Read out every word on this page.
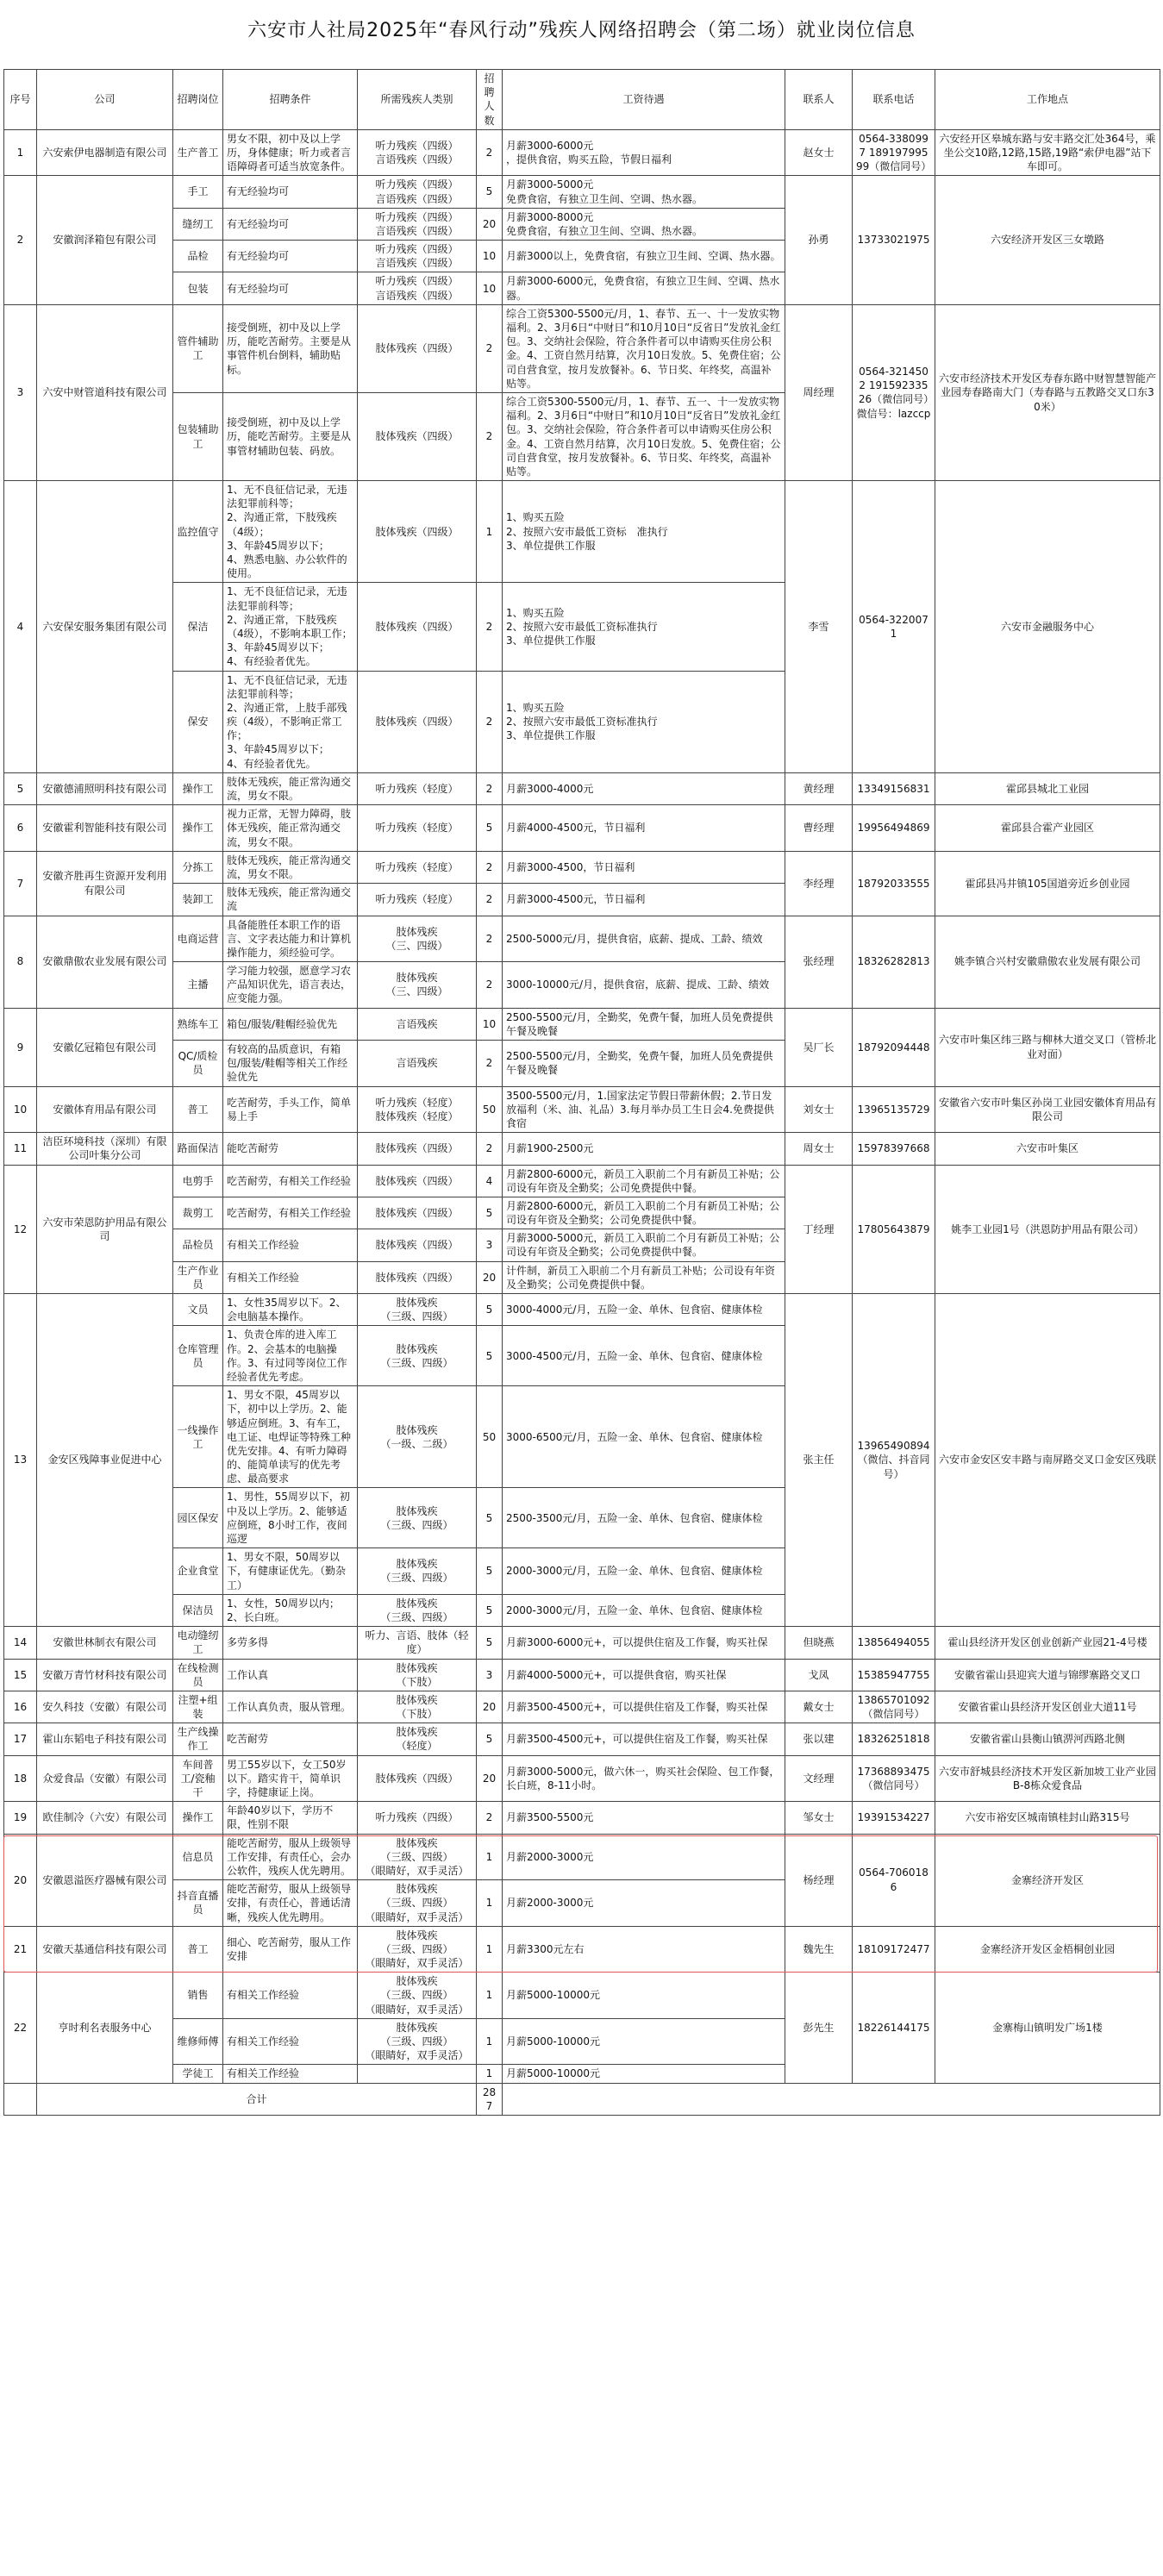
六安市人社局2025年“春风行动”残疾人网络招聘会（第二场）就业岗位信息
序号	公司	招聘岗位	招聘条件	所需残疾人类别	招聘人数	工资待遇	联系人	联系电话	工作地点
1	六安索伊电器制造有限公司	生产普工	男女不限，初中及以上学历，身体健康；听力或者言语障碍者可适当放宽条件。	听力残疾（四级）
言语残疾（四级）	2	月薪3000-6000元
，提供食宿，购买五险，节假日福利	赵女士	0564-3380997 18919799599（微信同号）	六安经开区皋城东路与安丰路交汇处364号，乘坐公交10路,12路,15路,19路“索伊电器”站下车即可。
2	安徽润泽箱包有限公司	手工	有无经验均可	听力残疾（四级）
言语残疾（四级）	5	月薪3000-5000元
免费食宿，有独立卫生间、空调、热水器。	孙勇	13733021975	六安经济开发区三女墩路
		缝纫工	有无经验均可	听力残疾（四级）
言语残疾（四级）	20	月薪3000-8000元
免费食宿，有独立卫生间、空调、热水器。			
		品检	有无经验均可	听力残疾（四级）
言语残疾（四级）	10	月薪3000以上，免费食宿，有独立卫生间、空调、热水器。			
		包装	有无经验均可	听力残疾（四级）
言语残疾（四级）	10	月薪3000-6000元，免费食宿，有独立卫生间、空调、热水器。			
3	六安中财管道科技有限公司	管件辅助工	接受倒班，初中及以上学历，能吃苦耐劳。主要是从事管件机台倒料，辅助贴标。	肢体残疾（四级）	2	综合工资5300-5500元/月，1、春节、五一、十一发放实物福利。2、3月6日“中财日”和10月10日“反省日”发放礼金红包。3、交纳社会保险，符合条件者可以申请购买住房公积金。4、工资自然月结算，次月10日发放。5、免费住宿；公司自营食堂，按月发放餐补。6、节日奖、年终奖，高温补贴等。	周经理	0564-3214502 19159233526（微信同号）微信号：lazccp	六安市经济技术开发区寿春东路中财智慧智能产业园寿春路南大门（寿春路与五教路交叉口东30米）
		包装辅助工	接受倒班，初中及以上学历，能吃苦耐劳。主要是从事管材辅助包装、码放。	肢体残疾（四级）	2	综合工资5300-5500元/月，1、春节、五一、十一发放实物福利。2、3月6日“中财日”和10月10日“反省日”发放礼金红包。3、交纳社会保险，符合条件者可以申请购买住房公积金。4、工资自然月结算，次月10日发放。5、免费住宿；公司自营食堂，按月发放餐补。6、节日奖、年终奖，高温补贴等。			
4	六安保安服务集团有限公司	监控值守	1、无不良征信记录，无违法犯罪前科等；
2、沟通正常，下肢残疾（4级）；
3、年龄45周岁以下；
4、熟悉电脑、办公软件的使用。	肢体残疾（四级）	1	1、购买五险
2、按照六安市最低工资标　准执行
3、单位提供工作服	李雪	0564-3220071	六安市金融服务中心
		保洁	1、无不良征信记录，无违法犯罪前科等；
2、沟通正常，下肢残疾（4级），不影响本职工作；
3、年龄45周岁以下；
4、有经验者优先。	肢体残疾（四级）	2	1、购买五险
2、按照六安市最低工资标准执行
3、单位提供工作服			
		保安	1、无不良征信记录，无违法犯罪前科等；
2、沟通正常，上肢手部残疾（4级），不影响正常工作；
3、年龄45周岁以下；
4、有经验者优先。	肢体残疾（四级）	2	1、购买五险
2、按照六安市最低工资标准执行
3、单位提供工作服			
5	安徽德浦照明科技有限公司	操作工	肢体无残疾，能正常沟通交流，男女不限。	听力残疾（轻度）	2	月薪3000-4000元	黄经理	13349156831	霍邱县城北工业园
6	安徽霍利智能科技有限公司	操作工	视力正常，无智力障碍，肢体无残疾，能正常沟通交流，男女不限。	听力残疾（轻度）	5	月薪4000-4500元，节日福利	曹经理	19956494869	霍邱县合霍产业园区
7	安徽齐胜再生资源开发利用有限公司	分拣工	肢体无残疾，能正常沟通交流，男女不限。	听力残疾（轻度）	2	月薪3000-4500，节日福利	李经理	18792033555	霍邱县冯井镇105国道旁近乡创业园
		装卸工	肢体无残疾，能正常沟通交流	听力残疾（轻度）	2	月薪3000-4500元，节日福利			
8	安徽鼎傲农业发展有限公司	电商运营	具备能胜任本职工作的语言、文字表达能力和计算机操作能力，须经验可学。	肢体残疾
（三、四级）	2	2500-5000元/月，提供食宿，底薪、提成、工龄、绩效	张经理	18326282813	姚李镇合兴村安徽鼎傲农业发展有限公司
		主播	学习能力较强，愿意学习农产品知识优先，语言表达，应变能力强。	肢体残疾
（三、四级）	2	3000-10000元/月，提供食宿，底薪、提成、工龄、绩效			
9	安徽亿冠箱包有限公司	熟练车工	箱包/服装/鞋帽经验优先	言语残疾	10	2500-5500元/月，全勤奖，免费午餐，加班人员免费提供午餐及晚餐	吴厂长	18792094448	六安市叶集区纬三路与柳林大道交叉口（管桥北业对面）
		QC/质检员	有较高的品质意识，有箱包/服装/鞋帽等相关工作经验优先	言语残疾	2	2500-5500元/月，全勤奖，免费午餐，加班人员免费提供午餐及晚餐			
10	安徽体育用品有限公司	普工	吃苦耐劳，手头工作，简单易上手	听力残疾（轻度）
肢体残疾（轻度）	50	3500-5500元/月，1.国家法定节假日带薪休假；2.节日发放福利（米、油、礼品）3.每月举办员工生日会4.免费提供食宿	刘女士	13965135729	安徽省六安市叶集区孙岗工业园安徽体育用品有限公司
11	洁臣环境科技（深圳）有限公司叶集分公司	路面保洁	能吃苦耐劳	肢体残疾（四级）	2	月薪1900-2500元	周女士	15978397668	六安市叶集区
12	六安市荣恩防护用品有限公司	电剪手	吃苦耐劳，有相关工作经验	肢体残疾（四级）	4	月薪2800-6000元，新员工入职前二个月有新员工补贴；公司设有年资及全勤奖；公司免费提供中餐。	丁经理	17805643879	姚李工业园1号（洪恩防护用品有限公司）
		裁剪工	吃苦耐劳，有相关工作经验	肢体残疾（四级）	5	月薪2800-6000元，新员工入职前二个月有新员工补贴；公司设有年资及全勤奖；公司免费提供中餐。			
		品检员	有相关工作经验	肢体残疾（四级）	3	月薪3000-5000元，新员工入职前二个月有新员工补贴；公司设有年资及全勤奖；公司免费提供中餐。			
		生产作业员	有相关工作经验	肢体残疾（四级）	20	计件制，新员工入职前二个月有新员工补贴；公司设有年资及全勤奖；公司免费提供中餐。			
13	金安区残障事业促进中心	文员	1、女性35周岁以下。2、会电脑基本操作。	肢体残疾
（三级、四级）	5	3000-4000元/月，五险一金、单休、包食宿、健康体检	张主任	13965490894（微信、抖音同号）	六安市金安区安丰路与南屏路交叉口金安区残联
		仓库管理员	1、负责仓库的进入库工作。2、会基本的电脑操作。3、有过同等岗位工作经验者优先考虑。	肢体残疾
（三级、四级）	5	3000-4500元/月，五险一金、单休、包食宿、健康体检			
		一线操作工	1、男女不限，45周岁以下，初中以上学历。2、能够适应倒班。3、有车工，电工证、电焊证等特殊工种优先安排。4、有听力障碍的、能简单读写的优先考虑、最高要求	肢体残疾
（一级、二级）	50	3000-6500元/月，五险一金、单休、包食宿、健康体检			
		园区保安	1、男性，55周岁以下，初中及以上学历。2、能够适应倒班，8小时工作，夜间巡逻	肢体残疾
（三级、四级）	5	2500-3500元/月，五险一金、单休、包食宿、健康体检			
		企业食堂	1、男女不限，50周岁以下，有健康证优先。（勤杂工）	肢体残疾
（三级、四级）	5	2000-3000元/月，五险一金、单休、包食宿、健康体检			
		保洁员	1、女性，50周岁以内；2、长白班。	肢体残疾
（三级、四级）	5	2000-3000元/月，五险一金、单休、包食宿、健康体检			
14	安徽世林制衣有限公司	电动缝纫工	多劳多得	听力、言语、肢体（轻度）	5	月薪3000-6000元+，可以提供住宿及工作餐，购买社保	但晓燕	13856494055	霍山县经济开发区创业创新产业园21-4号楼
15	安徽万青竹材科技有限公司	在线检测员	工作认真	肢体残疾
（下肢）	3	月薪4000-5000元+，可以提供食宿，购买社保	戈凤	15385947755	安徽省霍山县迎宾大道与锦缪寨路交叉口
16	安久科技（安徽）有限公司	注塑+组装	工作认真负责，服从管理。	肢体残疾
（下肢）	20	月薪3500-4500元+，可以提供住宿及工作餐，购买社保	戴女士	13865701092（微信同号）	安徽省霍山县经济开发区创业大道11号
17	霍山东韬电子科技有限公司	生产线操作工	吃苦耐劳	肢体残疾
（轻度）	5	月薪3500-4500元+，可以提供住宿及工作餐，购买社保	张以建	18326251818	安徽省霍山县衡山镇淠河西路北侧
18	众爱食品（安徽）有限公司	车间普工/瓷釉干	男工55岁以下，女工50岁以下。踏实肯干，简单识字，持健康证上岗。	肢体残疾（四级）	20	月薪3000-5000元，做六休一，购买社会保险、包工作餐，长白班，8-11小时。	文经理	17368893475（微信同号）	六安市舒城县经济技术开发区新加坡工业产业园B-8栋众爱食品
19	欧佳制冷（六安）有限公司	操作工	年龄40岁以下，学历不限，性别不限	听力残疾（四级）	2	月薪3500-5500元	邹女士	19391534227	六安市裕安区城南镇桂封山路315号
20	安徽恩溢医疗器械有限公司	信息员	能吃苦耐劳，服从上级领导工作安排，有责任心，会办公软件，残疾人优先聘用。	肢体残疾
（三级、四级）
（眼睛好，双手灵活）	1	月薪2000-3000元	杨经理	0564-7060186	金寨经济开发区
		抖音直播员	能吃苦耐劳，服从上级领导安排，有责任心，普通话清晰，残疾人优先聘用。	肢体残疾
（三级、四级）
（眼睛好，双手灵活）	1	月薪2000-3000元			
21	安徽天基通信科技有限公司	普工	细心、吃苦耐劳，服从工作安排	肢体残疾
（三级、四级）
（眼睛好，双手灵活）	1	月薪3300元左右	魏先生	18109172477	金寨经济开发区金梧桐创业园
22	亨时利名表服务中心	销售	有相关工作经验	肢体残疾
（三级、四级）
（眼睛好，双手灵活）	1	月薪5000-10000元	彭先生	18226144175	金寨梅山镇明发广场1楼
		维修师傅	有相关工作经验	肢体残疾
（三级、四级）
（眼睛好，双手灵活）	1	月薪5000-10000元			
		学徒工	有相关工作经验		1	月薪5000-10000元			
	合计				287				
